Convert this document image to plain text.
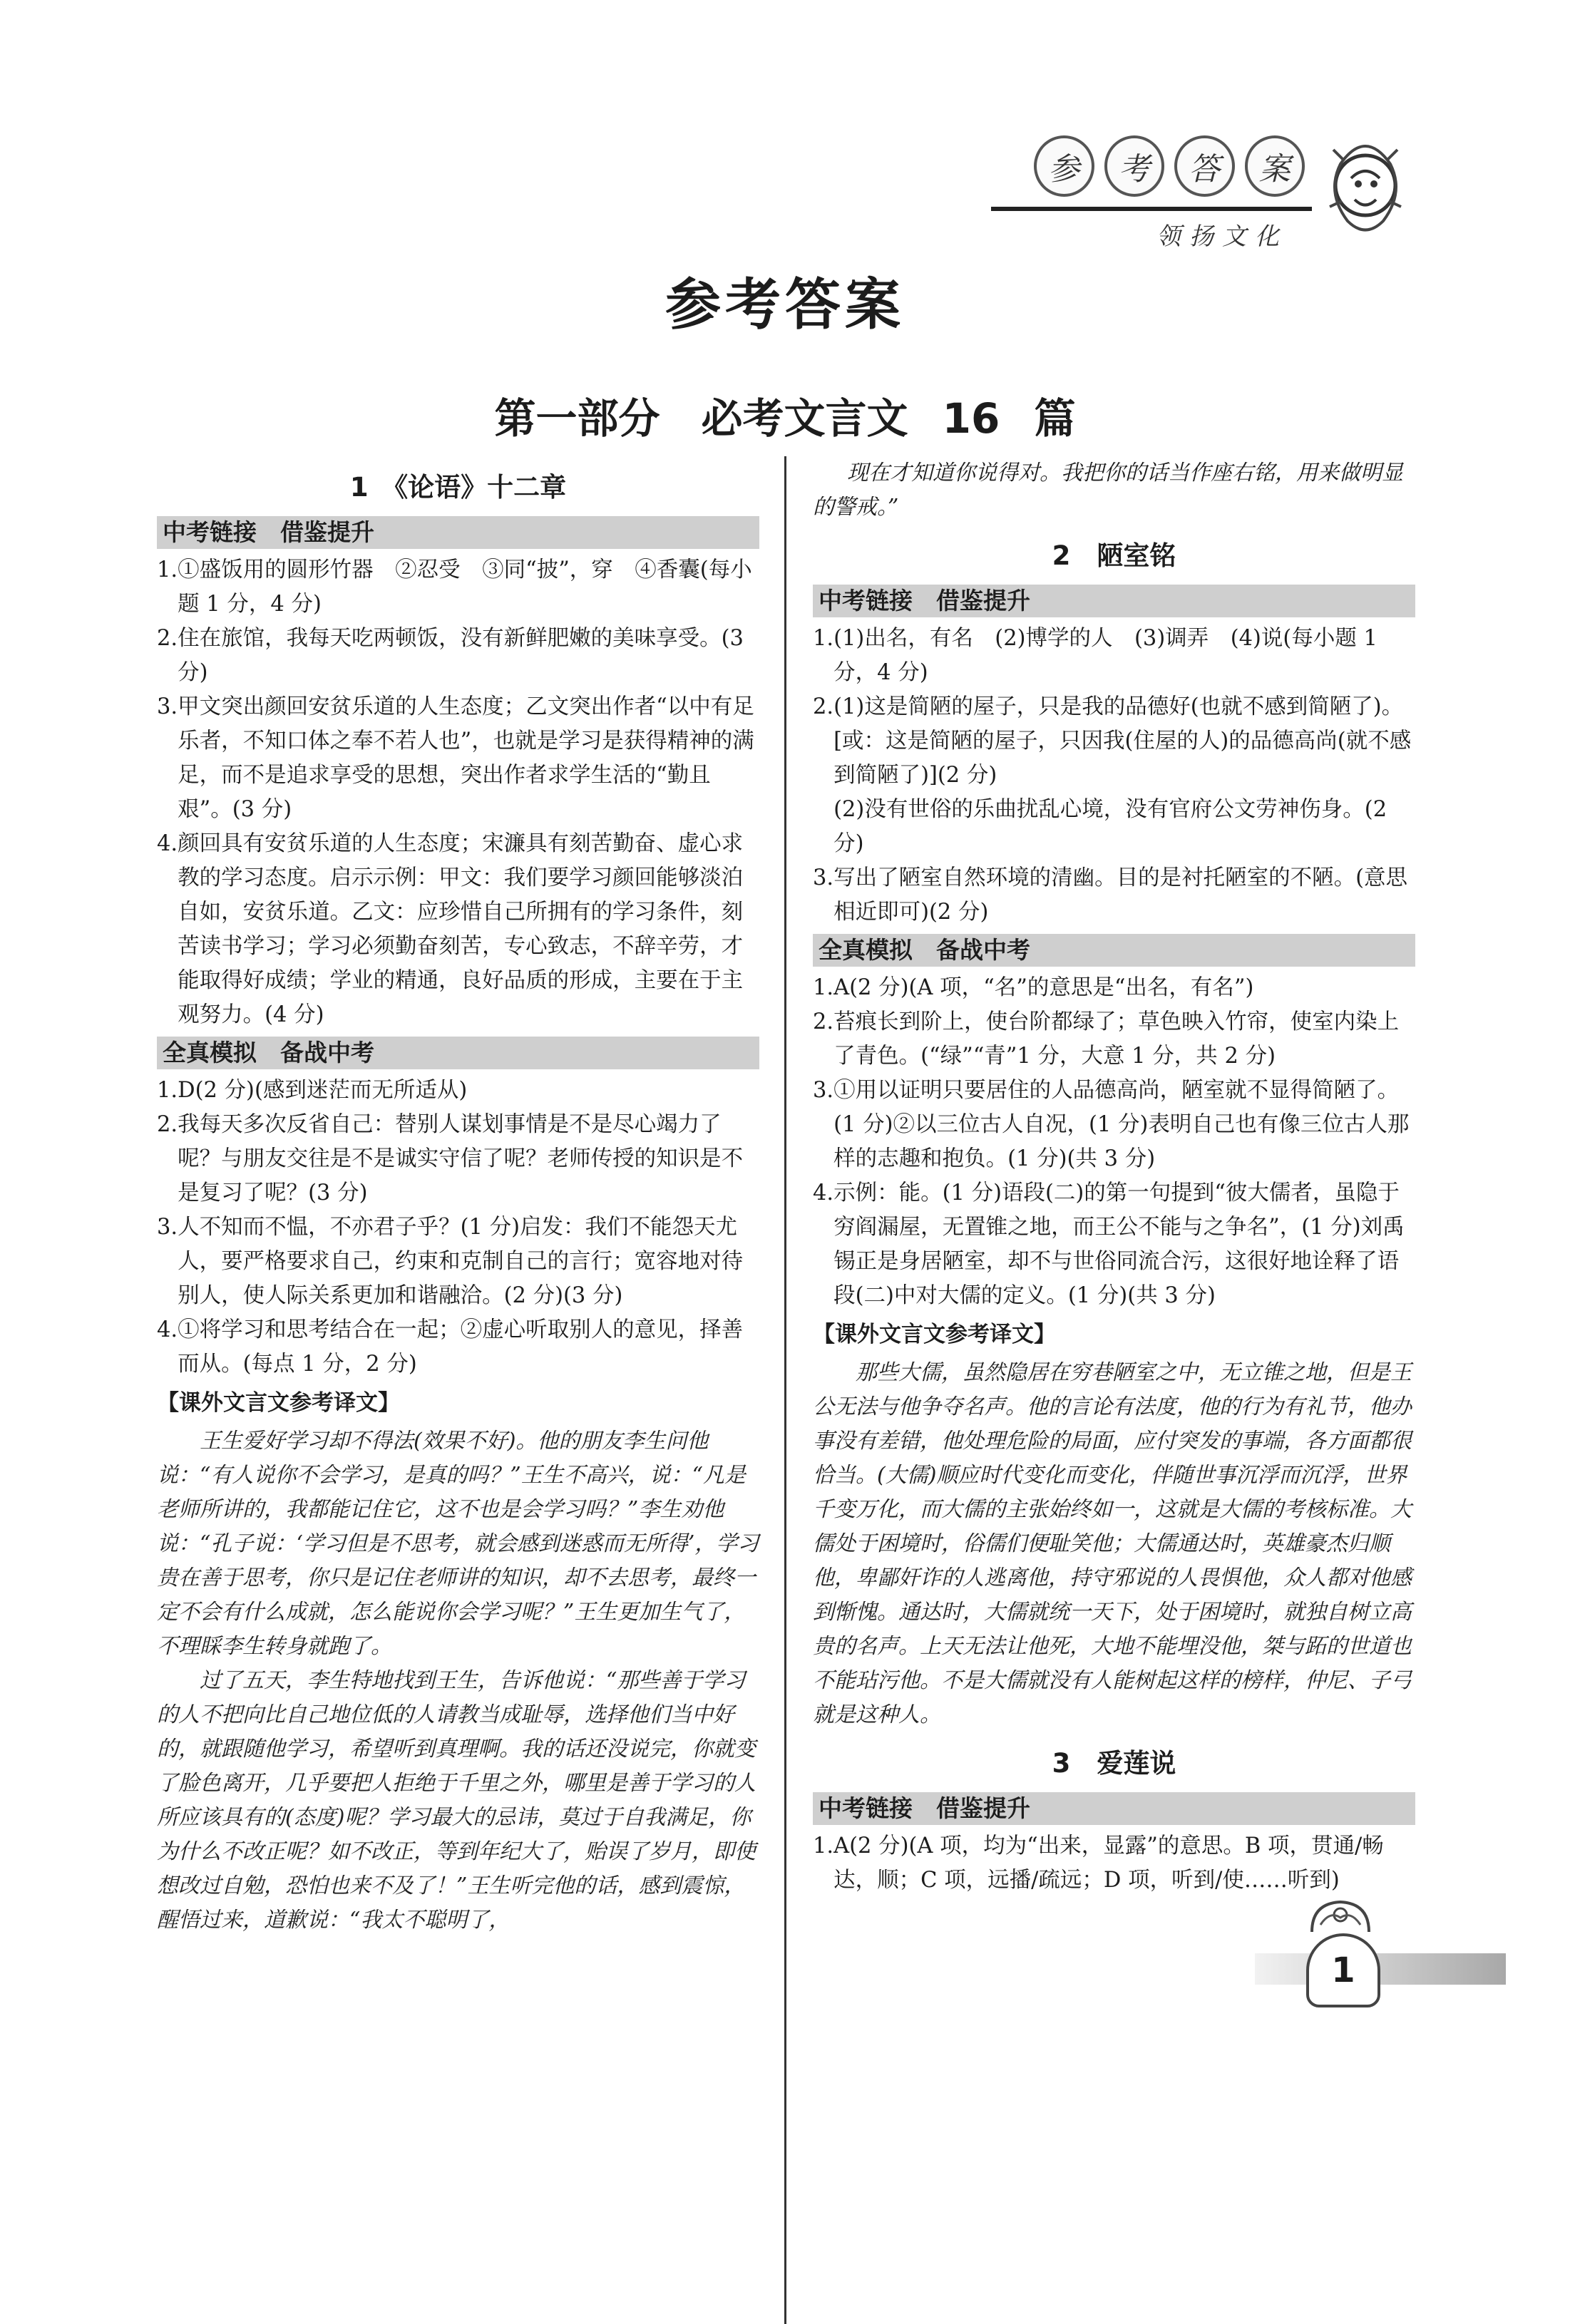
参	考	答	案
领扬文化
参考答案
第一部分　必考文言文 16 篇
1　《论语》十二章
中考链接　借鉴提升
1. ①盛饭用的圆形竹器　②忍受　③同“披”，穿　④香囊(每小题 1 分，4 分)
2. 住在旅馆，我每天吃两顿饭，没有新鲜肥嫩的美味享受。(3 分)
3. 甲文突出颜回安贫乐道的人生态度；乙文突出作者“以中有足乐者，不知口体之奉不若人也”，也就是学习是获得精神的满足，而不是追求享受的思想，突出作者求学生活的“勤且艰”。(3 分)
4. 颜回具有安贫乐道的人生态度；宋濂具有刻苦勤奋、虚心求教的学习态度。启示示例：甲文：我们要学习颜回能够淡泊自如，安贫乐道。乙文：应珍惜自己所拥有的学习条件，刻苦读书学习；学习必须勤奋刻苦，专心致志，不辞辛劳，才能取得好成绩；学业的精通，良好品质的形成，主要在于主观努力。(4 分)
全真模拟　备战中考
1. D(2 分)(感到迷茫而无所适从)
2. 我每天多次反省自己：替别人谋划事情是不是尽心竭力了呢？与朋友交往是不是诚实守信了呢？老师传授的知识是不是复习了呢？(3 分)
3. 人不知而不愠，不亦君子乎？(1 分)启发：我们不能怨天尤人，要严格要求自己，约束和克制自己的言行；宽容地对待别人，使人际关系更加和谐融洽。(2 分)(3 分)
4. ①将学习和思考结合在一起；②虚心听取别人的意见，择善而从。(每点 1 分，2 分)
【课外文言文参考译文】

王生爱好学习却不得法(效果不好)。他的朋友李生问他说：“有人说你不会学习，是真的吗？”王生不高兴，说：“凡是老师所讲的，我都能记住它，这不也是会学习吗？”李生劝他说：“孔子说：‘学习但是不思考，就会感到迷惑而无所得’，学习贵在善于思考，你只是记住老师讲的知识，却不去思考，最终一定不会有什么成就，怎么能说你会学习呢？”王生更加生气了，不理睬李生转身就跑了。

过了五天，李生特地找到王生，告诉他说：“那些善于学习的人不把向比自己地位低的人请教当成耻辱，选择他们当中好的，就跟随他学习，希望听到真理啊。我的话还没说完，你就变了脸色离开，几乎要把人拒绝于千里之外，哪里是善于学习的人所应该具有的(态度)呢？学习最大的忌讳，莫过于自我满足，你为什么不改正呢？如不改正，等到年纪大了，贻误了岁月，即使想改过自勉，恐怕也来不及了！”王生听完他的话，感到震惊，醒悟过来，道歉说：“我太不聪明了，

现在才知道你说得对。我把你的话当作座右铭，用来做明显的警戒。”

2　陋室铭
中考链接　借鉴提升
1. (1)出名，有名　(2)博学的人　(3)调弄　(4)说(每小题 1 分，4 分)
2. (1)这是简陋的屋子，只是我的品德好(也就不感到简陋了)。[或：这是简陋的屋子，只因我(住屋的人)的品德高尚(就不感到简陋了)](2 分)
(2)没有世俗的乐曲扰乱心境，没有官府公文劳神伤身。(2 分)
3. 写出了陋室自然环境的清幽。目的是衬托陋室的不陋。(意思相近即可)(2 分)
全真模拟　备战中考
1. A(2 分)(A 项，“名”的意思是“出名，有名”)
2. 苔痕长到阶上，使台阶都绿了；草色映入竹帘，使室内染上了青色。(“绿”“青”1 分，大意 1 分，共 2 分)
3. ①用以证明只要居住的人品德高尚，陋室就不显得简陋了。(1 分)②以三位古人自况，(1 分)表明自己也有像三位古人那样的志趣和抱负。(1 分)(共 3 分)
4. 示例：能。(1 分)语段(二)的第一句提到“彼大儒者，虽隐于穷阎漏屋，无置锥之地，而王公不能与之争名”，(1 分)刘禹锡正是身居陋室，却不与世俗同流合污，这很好地诠释了语段(二)中对大儒的定义。(1 分)(共 3 分)
【课外文言文参考译文】

那些大儒，虽然隐居在穷巷陋室之中，无立锥之地，但是王公无法与他争夺名声。他的言论有法度，他的行为有礼节，他办事没有差错，他处理危险的局面，应付突发的事端，各方面都很恰当。(大儒)顺应时代变化而变化，伴随世事沉浮而沉浮，世界千变万化，而大儒的主张始终如一，这就是大儒的考核标准。大儒处于困境时，俗儒们便耻笑他；大儒通达时，英雄豪杰归顺他，卑鄙奸诈的人逃离他，持守邪说的人畏惧他，众人都对他感到惭愧。通达时，大儒就统一天下，处于困境时，就独自树立高贵的名声。上天无法让他死，大地不能埋没他，桀与跖的世道也不能玷污他。不是大儒就没有人能树起这样的榜样，仲尼、子弓就是这种人。

3　爱莲说
中考链接　借鉴提升
1. A(2 分)(A 项，均为“出来，显露”的意思。B 项，贯通/畅达，顺；C 项，远播/疏远；D 项，听到/使……听到)
1
